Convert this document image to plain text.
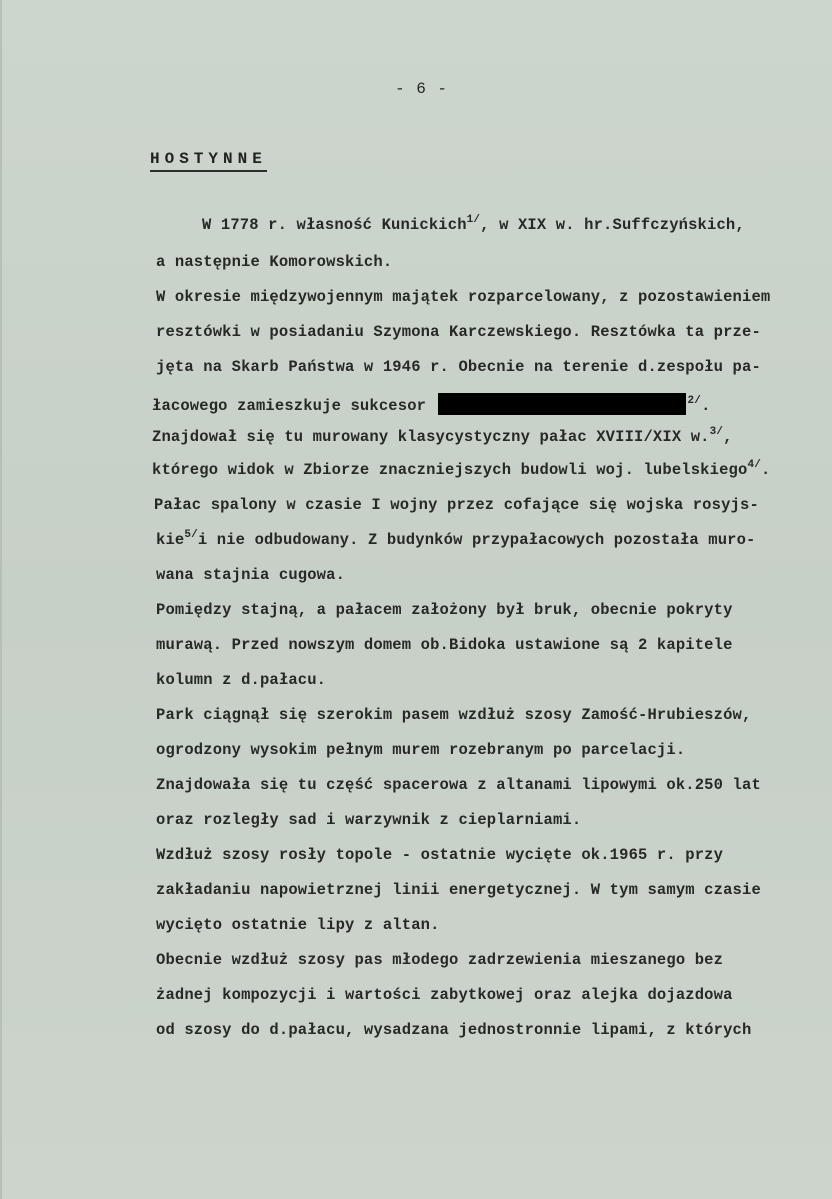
- 6 -
HOSTYNNE
W 1778 r. własność Kunickich$^{1/}$, w XIX w. hr.Suffczyńskich,
a następnie Komorowskich.
W okresie międzywojennym majątek rozparcelowany, z pozostawieniem
resztówki w posiadaniu Szymona Karczewskiego. Resztówka ta prze-
jęta na Skarb Państwa w 1946 r. Obecnie na terenie d.zespołu pa-
łacowego zamieszkuje sukcesor	$^{2/}$.
Znajdował się tu murowany klasycystyczny pałac XVIII/XIX w.$^{3/}$,
którego widok w Zbiorze znaczniejszych budowli woj. lubelskiego$^{4/}$.
Pałac spalony w czasie I wojny przez cofające się wojska rosyjs-
kie$^{5/}$i nie odbudowany. Z budynków przypałacowych pozostała muro-
wana stajnia cugowa.
Pomiędzy stajną, a pałacem założony był bruk, obecnie pokryty
murawą. Przed nowszym domem ob.Bidoka ustawione są 2 kapitele
kolumn z d.pałacu.
Park ciągnął się szerokim pasem wzdłuż szosy Zamość-Hrubieszów,
ogrodzony wysokim pełnym murem rozebranym po parcelacji.
Znajdowała się tu część spacerowa z altanami lipowymi ok.250 lat
oraz rozległy sad i warzywnik z cieplarniami.
Wzdłuż szosy rosły topole - ostatnie wycięte ok.1965 r. przy
zakładaniu napowietrznej linii energetycznej. W tym samym czasie
wycięto ostatnie lipy z altan.
Obecnie wzdłuż szosy pas młodego zadrzewienia mieszanego bez
żadnej kompozycji i wartości zabytkowej oraz alejka dojazdowa
od szosy do d.pałacu, wysadzana jednostronnie lipami, z których
